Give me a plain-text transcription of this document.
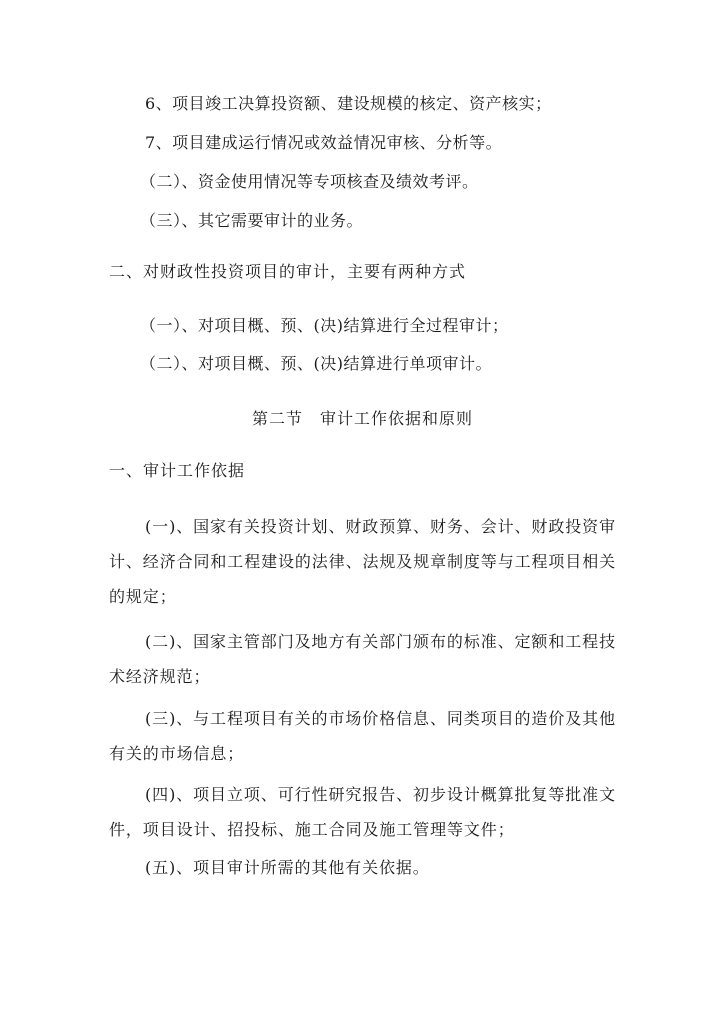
6、项目竣工决算投资额、建设规模的核定、资产核实；
7、项目建成运行情况或效益情况审核、分析等。
（二）、资金使用情况等专项核查及绩效考评。
（三）、其它需要审计的业务。
二、对财政性投资项目的审计，主要有两种方式
（一）、对项目概、预、(决)结算进行全过程审计；
（二）、对项目概、预、(决)结算进行单项审计。
第二节　审计工作依据和原则
一、审计工作依据
(一)、国家有关投资计划、财政预算、财务、会计、财政投资审计、经济合同和工程建设的法律、法规及规章制度等与工程项目相关的规定；
(二)、国家主管部门及地方有关部门颁布的标准、定额和工程技术经济规范；
(三)、与工程项目有关的市场价格信息、同类项目的造价及其他有关的市场信息；
(四)、项目立项、可行性研究报告、初步设计概算批复等批准文件，项目设计、招投标、施工合同及施工管理等文件；
(五)、项目审计所需的其他有关依据。
